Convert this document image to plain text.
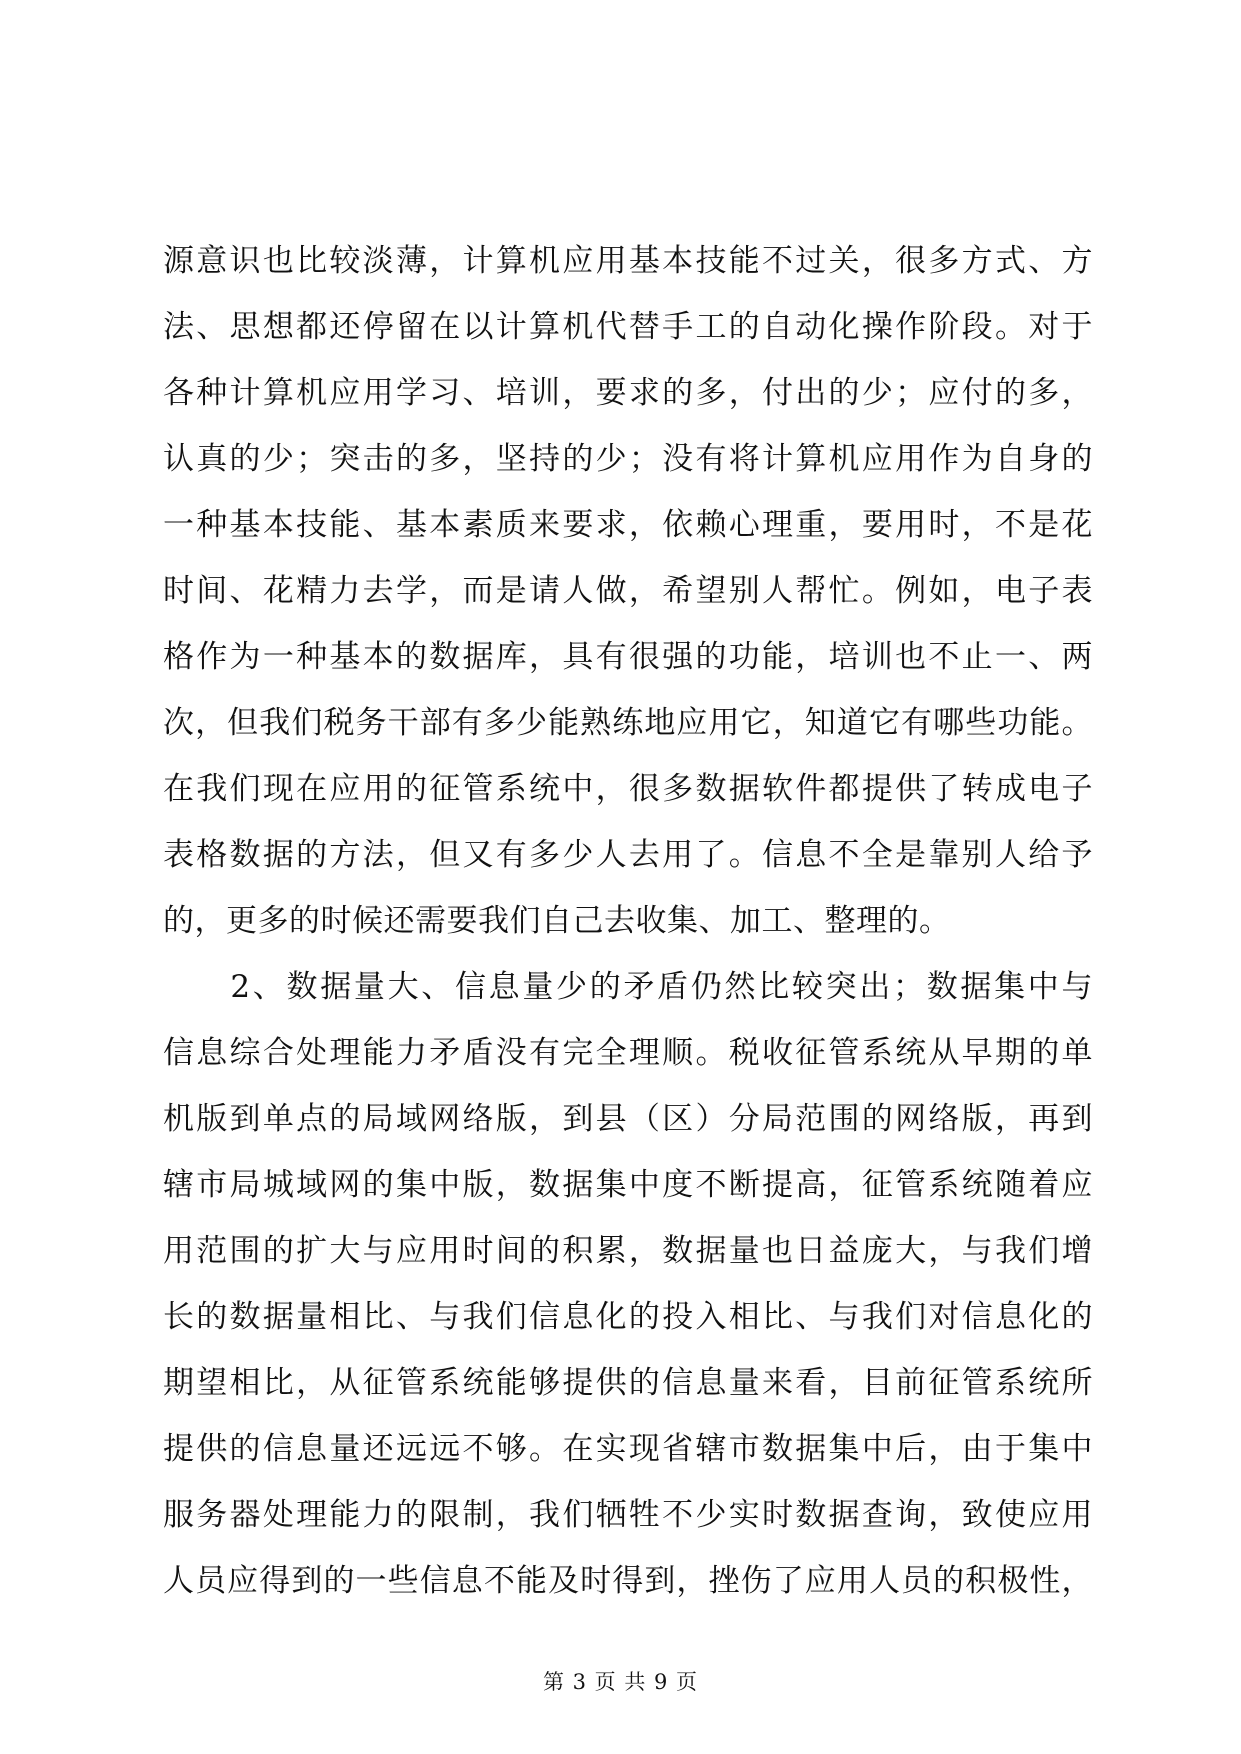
源意识也比较淡薄，计算机应用基本技能不过关，很多方式、方
法、思想都还停留在以计算机代替手工的自动化操作阶段。对于
各种计算机应用学习、培训，要求的多，付出的少；应付的多，
认真的少；突击的多，坚持的少；没有将计算机应用作为自身的
一种基本技能、基本素质来要求，依赖心理重，要用时，不是花
时间、花精力去学，而是请人做，希望别人帮忙。例如，电子表
格作为一种基本的数据库，具有很强的功能，培训也不止一、两
次，但我们税务干部有多少能熟练地应用它，知道它有哪些功能。
在我们现在应用的征管系统中，很多数据软件都提供了转成电子
表格数据的方法，但又有多少人去用了。信息不全是靠别人给予
的，更多的时候还需要我们自己去收集、加工、整理的。
　　2、数据量大、信息量少的矛盾仍然比较突出；数据集中与
信息综合处理能力矛盾没有完全理顺。税收征管系统从早期的单
机版到单点的局域网络版，到县（区）分局范围的网络版，再到
辖市局城域网的集中版，数据集中度不断提高，征管系统随着应
用范围的扩大与应用时间的积累，数据量也日益庞大，与我们增
长的数据量相比、与我们信息化的投入相比、与我们对信息化的
期望相比，从征管系统能够提供的信息量来看，目前征管系统所
提供的信息量还远远不够。在实现省辖市数据集中后，由于集中
服务器处理能力的限制，我们牺牲不少实时数据查询，致使应用
人员应得到的一些信息不能及时得到，挫伤了应用人员的积极性，
第 3 页 共 9 页
